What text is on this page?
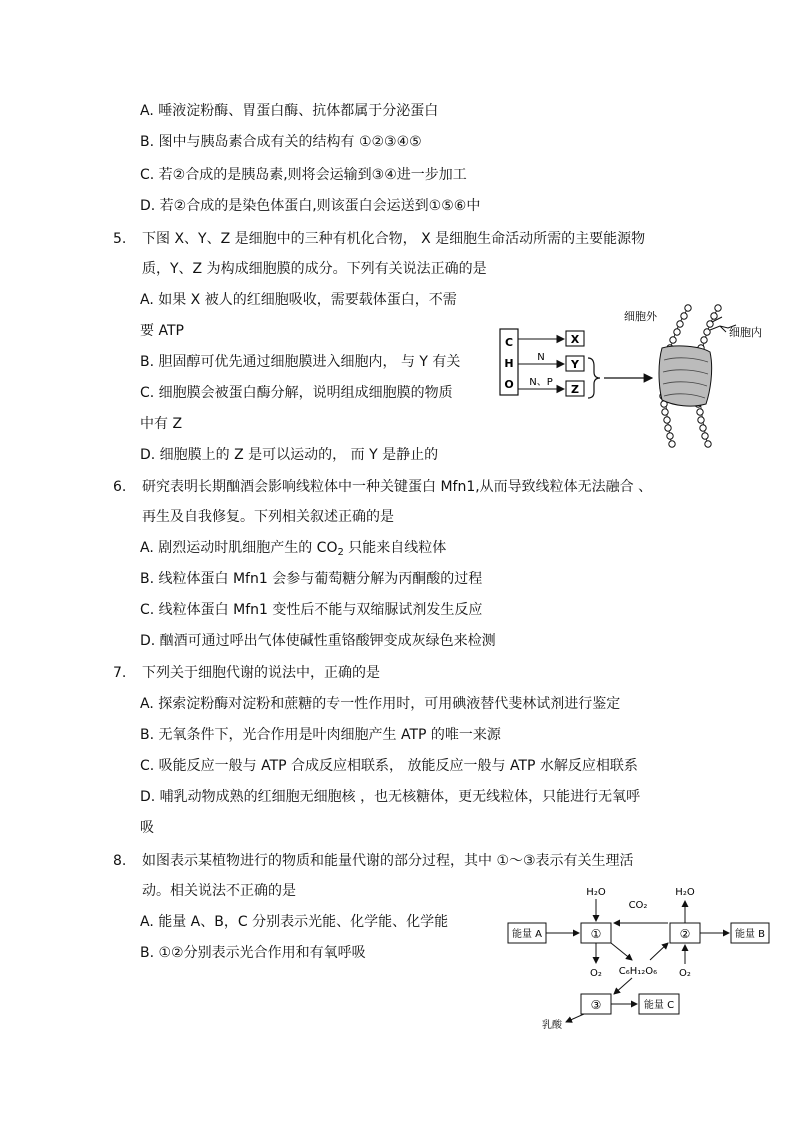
A. 唾液淀粉酶、胃蛋白酶、抗体都属于分泌蛋白
B. 图中与胰岛素合成有关的结构有 ①②③④⑤
C. 若②合成的是胰岛素,则将会运输到③④进一步加工
D. 若②合成的是染色体蛋白,则该蛋白会运送到①⑤⑥中
5. 下图 X、Y、Z 是细胞中的三种有机化合物， X 是细胞生命活动所需的主要能源物
质，Y、Z 为构成细胞膜的成分。下列有关说法正确的是
A. 如果 X 被人的红细胞吸收，需要载体蛋白，不需
要 ATP
B. 胆固醇可优先通过细胞膜进入细胞内， 与 Y 有关
C. 细胞膜会被蛋白酶分解，说明组成细胞膜的物质
中有 Z
D. 细胞膜上的 Z 是可以运动的， 而 Y 是静止的
C
H
O
N
N、P
X
Y
Z
细胞外
细胞内
6. 研究表明长期酗酒会影响线粒体中一种关键蛋白 Mfn1,从而导致线粒体无法融合 、
再生及自我修复。下列相关叙述正确的是
A. 剧烈运动时肌细胞产生的 $CO_2$ 只能来自线粒体
B. 线粒体蛋白 Mfn1 会参与葡萄糖分解为丙酮酸的过程
C. 线粒体蛋白 Mfn1 变性后不能与双缩脲试剂发生反应
D. 酗酒可通过呼出气体使碱性重铬酸钾变成灰绿色来检测
7. 下列关于细胞代谢的说法中，正确的是
A. 探索淀粉酶对淀粉和蔗糖的专一性作用时，可用碘液替代斐林试剂进行鉴定
B. 无氧条件下，光合作用是叶肉细胞产生 ATP 的唯一来源
C. 吸能反应一般与 ATP 合成反应相联系， 放能反应一般与 ATP 水解反应相联系
D. 哺乳动物成熟的红细胞无细胞核 ，也无核糖体，更无线粒体，只能进行无氧呼
吸
8. 如图表示某植物进行的物质和能量代谢的部分过程，其中 ①～③表示有关生理活
动。相关说法不正确的是
A. 能量 A、B，C 分别表示光能、化学能、化学能
B. ①②分别表示光合作用和有氧呼吸
能量 A	①
H₂O
O₂
CO₂
C₆H₁₂O₆
②
H₂O
O₂
能量 B
③	能量 C
乳酸
